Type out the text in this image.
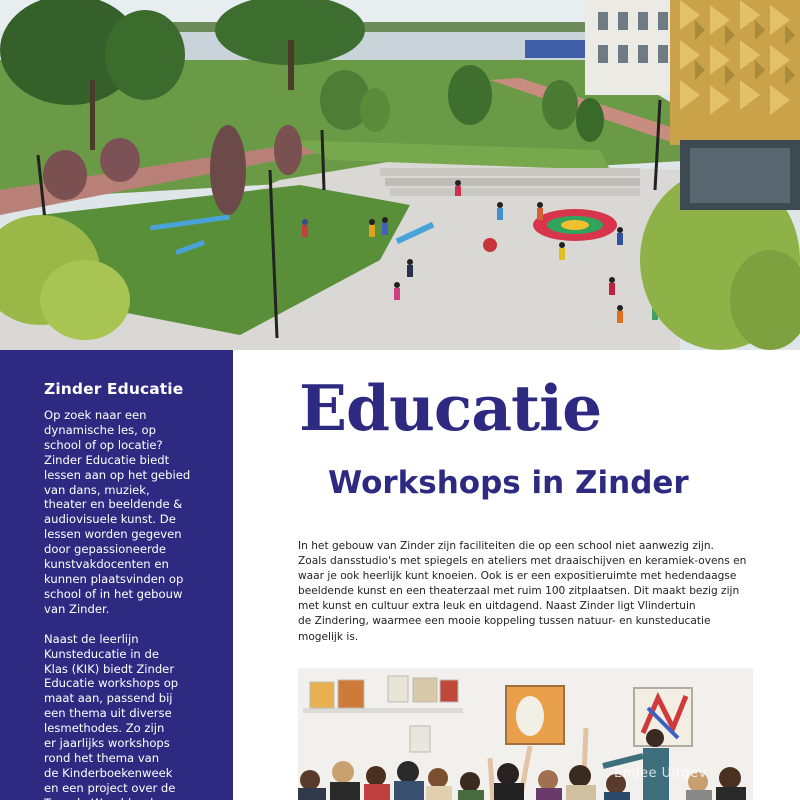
Zinder Educatie

Op zoek naar een
dynamische les, op
school of op locatie?
Zinder Educatie biedt
lessen aan op het gebied
van dans, muziek,
theater en beeldende &
audiovisuele kunst. De
lessen worden gegeven
door gepassioneerde
kunstvakdocenten en
kunnen plaatsvinden op
school of in het gebouw
van Zinder.

Naast de leerlijn
Kunsteducatie in de
Klas (KIK) biedt Zinder
Educatie workshops op
maat aan, passend bij
een thema uit diverse
lesmethodes. Zo zijn
er jaarlijks workshops
rond het thema van
de Kinderboekenweek
en een project over de
Tweede Wereldoorlog

Educatie
Workshops in Zinder

In het gebouw van Zinder zijn faciliteiten die op een school niet aanwezig zijn.
Zoals dansstudio's met spiegels en ateliers met draaischijven en keramiek-ovens en
waar je ook heerlijk kunt knoeien. Ook is er een expositieruimte met hedendaagse
beeldende kunst en een theaterzaal met ruim 100 zitplaatsen. Dit maakt bezig zijn
met kunst en cultuur extra leuk en uitdagend. Naast Zinder ligt Vlindertuin
de Zindering, waarmee een mooie koppeling tussen natuur- en kunsteducatie
mogelijk is.

Emjee Uitgev
